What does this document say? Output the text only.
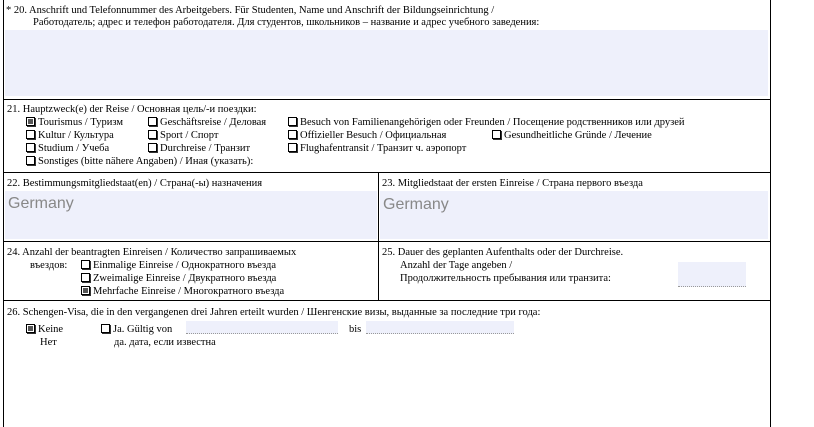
* 20. Anschrift und Telefonnummer des Arbeitgebers. Für Studenten, Name und Anschrift der Bildungseinrichtung /
Работодатель; адрес и телефон работодателя. Для студентов, школьников – название и адрес учебного заведения:
21. Hauptzweck(e) der Reise / Основная цель/-и поездки:
Tourismus / Туризм	Geschäftsreise / Деловая	Besuch von Familienangehörigen oder Freunden / Посещение родственников или друзей
Kultur / Культура	Sport / Спорт	Offizieller Besuch / Официальная	Gesundheitliche Gründe / Лечение
Studium / Учеба	Durchreise / Транзит	Flughafentransit / Транзит ч. аэропорт
Sonstiges (bitte nähere Angaben) / Иная (указать):
22. Bestimmungsmitgliedstaat(en) / Страна(-ы) назначения
Germany
23. Mitgliedstaat der ersten Einreise / Страна первого въезда
Germany
24. Anzahl der beantragten Einreisen / Количество запрашиваемых
въездов:	Einmalige Einreise / Однократного въезда
Zweimalige Einreise / Двукратного въезда
Mehrfache Einreise / Многократного въезда
25. Dauer des geplanten Aufenthalts oder der Durchreise.
Anzahl der Tage angeben /
Продолжительность пребывания или транзита:
26. Schengen-Visa, die in den vergangenen drei Jahren erteilt wurden / Шенгенские визы, выданные за последние три года:
Keine
Нет
Ja. Gültig von
да. дата, если известна
bis
